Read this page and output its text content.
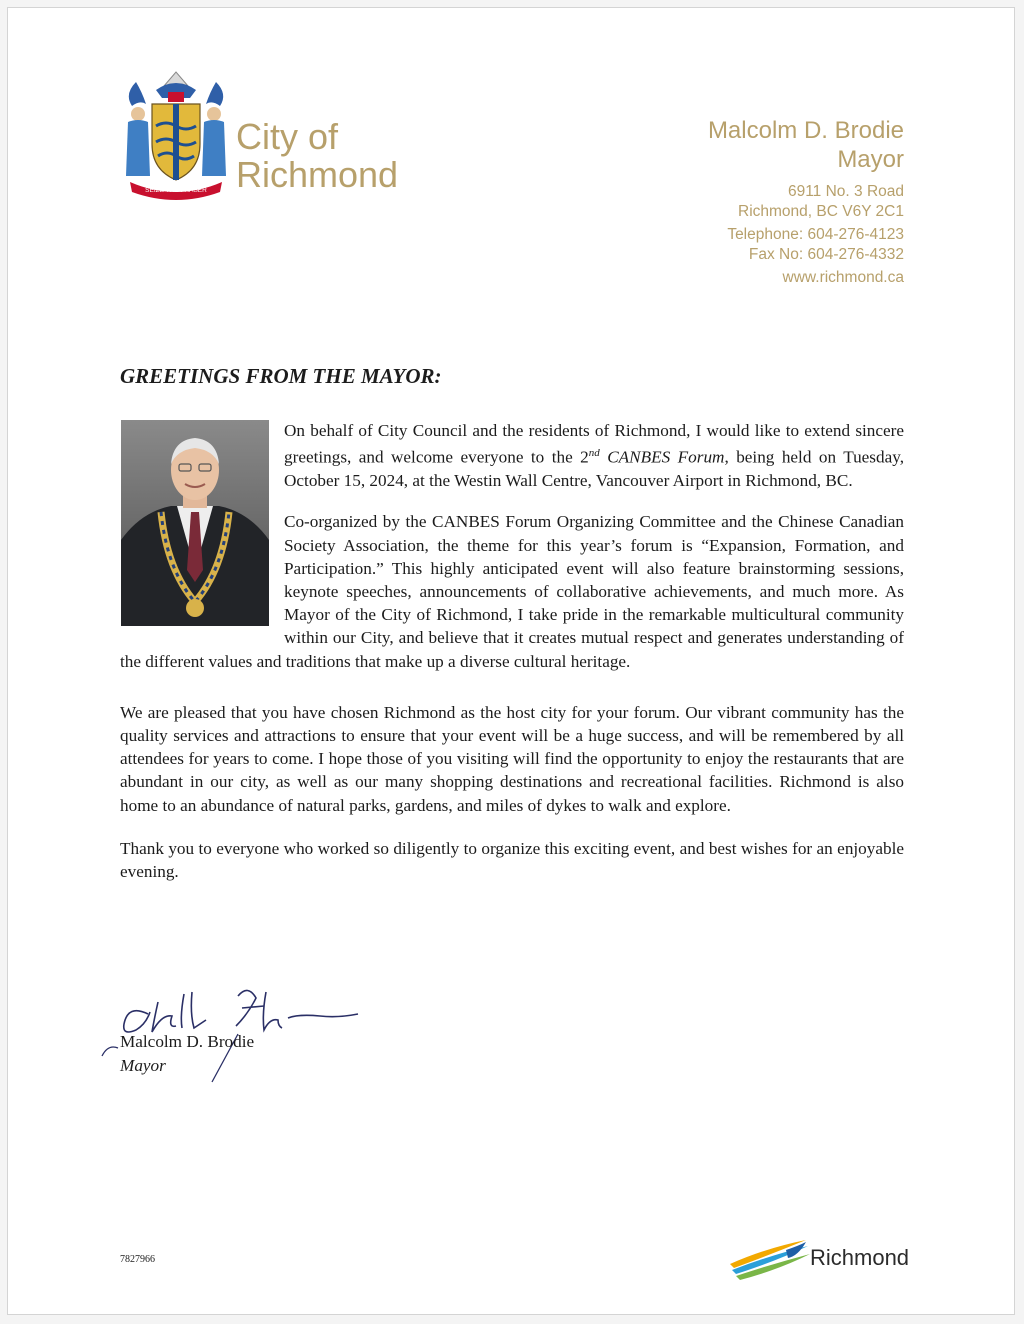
SEIZE THE FRASER
City of
Richmond
Malcolm D. Brodie
Mayor
6911 No. 3 Road
Richmond, BC V6Y 2C1
Telephone: 604-276-4123
Fax No: 604-276-4332
www.richmond.ca
GREETINGS FROM THE MAYOR:

On behalf of City Council and the residents of Richmond, I would like to extend sincere greetings, and welcome everyone to the 2nd CANBES Forum, being held on Tuesday, October 15, 2024, at the Westin Wall Centre, Vancouver Airport in Richmond, BC.

Co-organized by the CANBES Forum Organizing Committee and the Chinese Canadian Society Association, the theme for this year’s forum is “Expansion, Formation, and Participation.” This highly anticipated event will also feature brainstorming sessions, keynote speeches, announcements of collaborative achievements, and much more. As Mayor of the City of Richmond, I take pride in the remarkable multicultural community within our City, and believe that it creates mutual respect and generates understanding of the different values and traditions that make up a diverse cultural heritage.

We are pleased that you have chosen Richmond as the host city for your forum. Our vibrant community has the quality services and attractions to ensure that your event will be a huge success, and will be remembered by all attendees for years to come. I hope those of you visiting will find the opportunity to enjoy the restaurants that are abundant in our city, as well as our many shopping destinations and recreational facilities. Richmond is also home to an abundance of natural parks, gardens, and miles of dykes to walk and explore.

Thank you to everyone who worked so diligently to organize this exciting event, and best wishes for an enjoyable evening.

Malcolm D. Brodie
Mayor
7827966	Richmond
